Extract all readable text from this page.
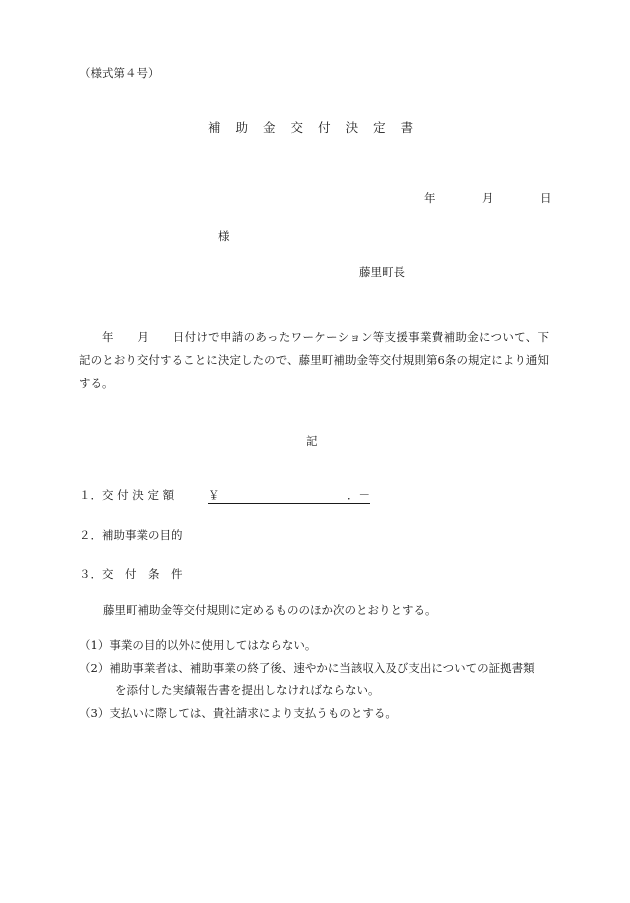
（様式第４号）
補 助 金 交 付 決 定 書
年	月	日
様
藤里町長
年　　月　　日付けで申請のあったワーケーション等支援事業費補助金について、下記のとおり交付することに決定したので、藤里町補助金等交付規則第6条の規定により通知する。
記
１．交 付 決 定 額	￥	．－
２．補助事業の目的
３．交　付　条　件
藤里町補助金等交付規則に定めるもののほか次のとおりとする。
（1）事業の目的以外に使用してはならない。
（2）補助事業者は、補助事業の終了後、速やかに当該収入及び支出についての証拠書類
を添付した実績報告書を提出しなければならない。
（3）支払いに際しては、貴社請求により支払うものとする。
